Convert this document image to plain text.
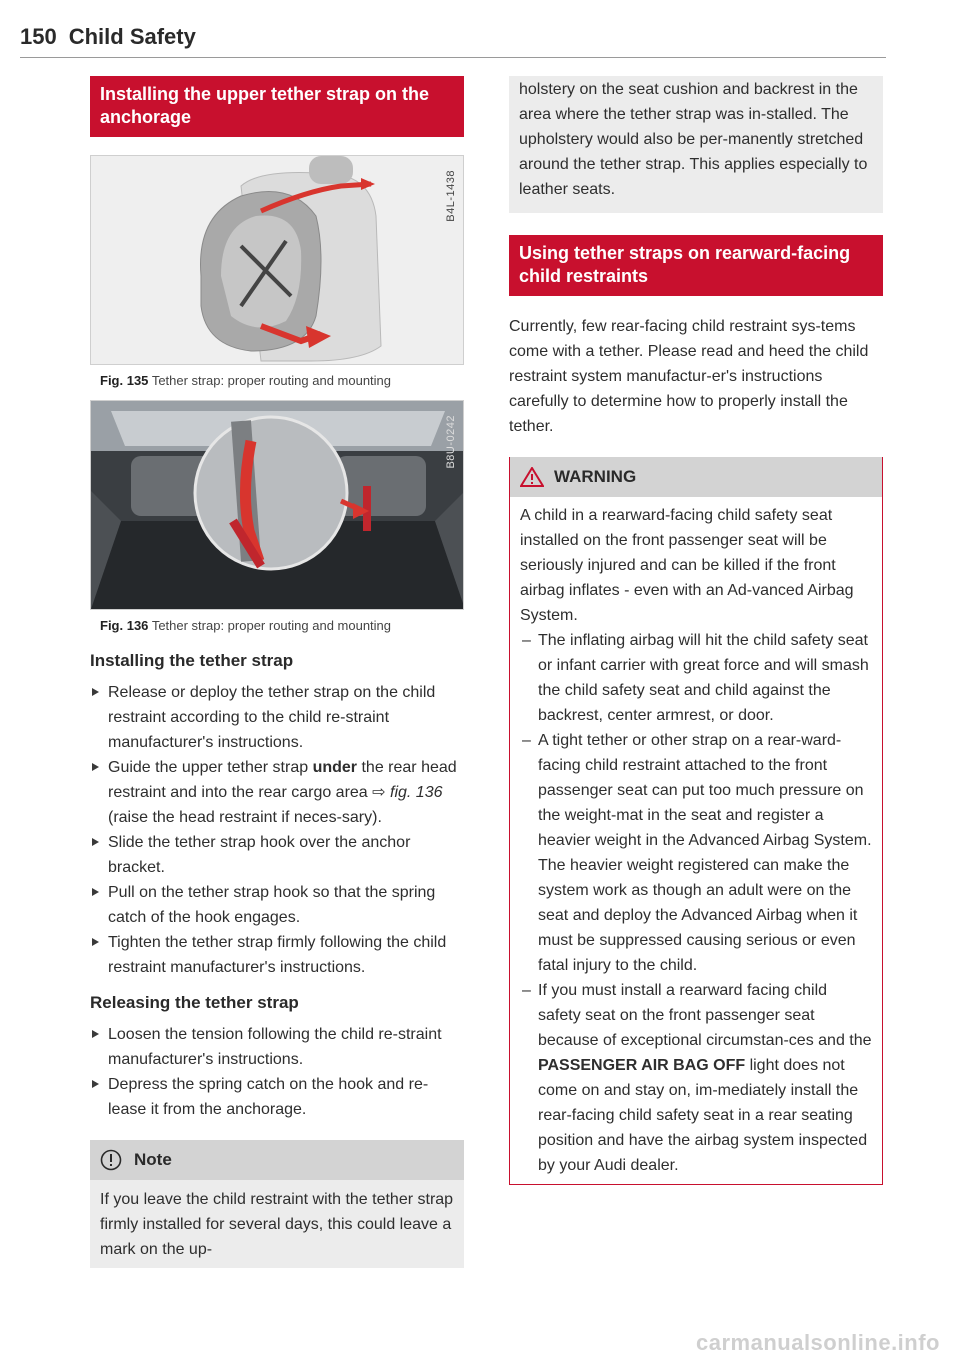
150 Child Safety
Installing the upper tether strap on the anchorage
B4L-1438
Fig. 135 Tether strap: proper routing and mounting
B8U-0242
Fig. 136 Tether strap: proper routing and mounting

Installing the tether strap

Release or deploy the tether strap on the child restraint according to the child re-straint manufacturer's instructions.
Guide the upper tether strap under the rear head restraint and into the rear cargo area ⇨ fig. 136 (raise the head restraint if neces-sary).
Slide the tether strap hook over the anchor bracket.
Pull on the tether strap hook so that the spring catch of the hook engages.
Tighten the tether strap firmly following the child restraint manufacturer's instructions.

Releasing the tether strap

Loosen the tension following the child re-straint manufacturer's instructions.
Depress the spring catch on the hook and re-lease it from the anchorage.
Note
If you leave the child restraint with the tether strap firmly installed for several days, this could leave a mark on the up-
holstery on the seat cushion and backrest in the area where the tether strap was in-stalled. The upholstery would also be per-manently stretched around the tether strap. This applies especially to leather seats.
Using tether straps on rearward-facing child restraints
Currently, few rear-facing child restraint sys-tems come with a tether. Please read and heed the child restraint system manufactur-er's instructions carefully to determine how to properly install the tether.
WARNING
A child in a rearward-facing child safety seat installed on the front passenger seat will be seriously injured and can be killed if the front airbag inflates - even with an Ad-vanced Airbag System.
– The inflating airbag will hit the child safety seat or infant carrier with great force and will smash the child safety seat and child against the backrest, center armrest, or door.
– A tight tether or other strap on a rear-ward-facing child restraint attached to the front passenger seat can put too much pressure on the weight-mat in the seat and register a heavier weight in the Advanced Airbag System. The heavier weight registered can make the system work as though an adult were on the seat and deploy the Advanced Airbag when it must be suppressed causing serious or even fatal injury to the child.
– If you must install a rearward facing child safety seat on the front passenger seat because of exceptional circumstan-ces and the PASSENGER AIR BAG OFF light does not come on and stay on, im-mediately install the rear-facing child safety seat in a rear seating position and have the airbag system inspected by your Audi dealer.
carmanualsonline.info
